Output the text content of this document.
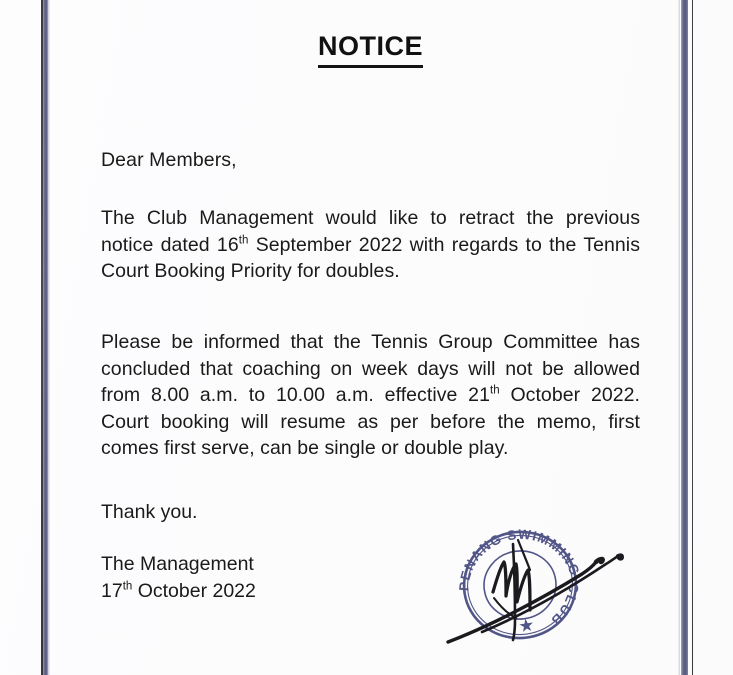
NOTICE
Dear Members,
The Club Management would like to retract the previous notice dated 16th September 2022 with regards to the Tennis Court Booking Priority for doubles.
Please be informed that the Tennis Group Committee has concluded that coaching on week days will not be allowed from 8.00 a.m. to 10.00 a.m. effective 21th October 2022. Court booking will resume as per before the memo, first comes first serve, can be single or double play.
Thank you.
The Management
17th October 2022	PENANG SWIMMING
CLUB
